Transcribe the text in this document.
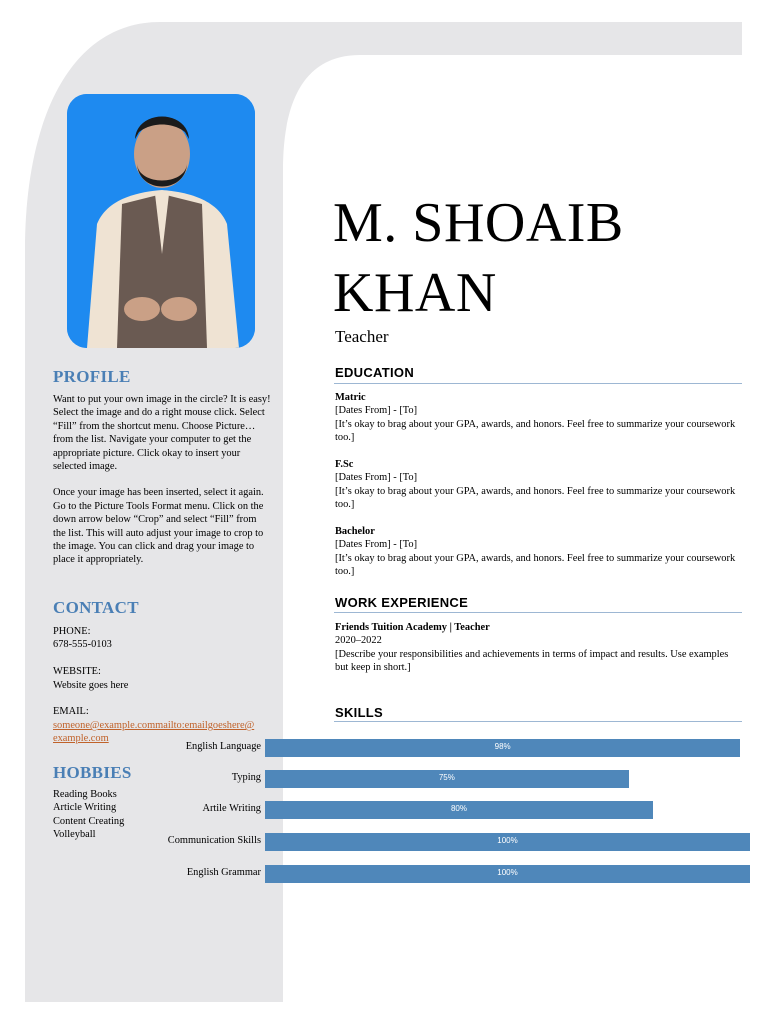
PROFILE

Want to put your own image in the circle? It is easy! Select the image and do a right mouse click. Select “Fill” from the shortcut menu. Choose Picture… from the list. Navigate your computer to get the appropriate picture. Click okay to insert your selected image.

Once your image has been inserted, select it again. Go to the Picture Tools Format menu. Click on the down arrow below “Crop” and select “Fill” from the list. This will auto adjust your image to crop to the image. You can click and drag your image to place it appropriately.

CONTACT
PHONE:
678-555-0103
WEBSITE:
Website goes here
EMAIL:
someone@example.commailto:emailgoeshere@
example.com
HOBBIES
Reading Books
Article Writing
Content Creating
Volleyball
M. SHOAIB
KHAN
Teacher
EDUCATION
Matric
[Dates From] - [To]
[It’s okay to brag about your GPA, awards, and honors. Feel free to summarize your coursework too.]
F.Sc
[Dates From] - [To]
[It’s okay to brag about your GPA, awards, and honors. Feel free to summarize your coursework too.]
Bachelor
[Dates From] - [To]
[It’s okay to brag about your GPA, awards, and honors. Feel free to summarize your coursework too.]
WORK EXPERIENCE
Friends Tuition Academy | Teacher
2020–2022
[Describe your responsibilities and achievements in terms of impact and results. Use examples but keep in short.]
SKILLS
English Language	98%
Typing	75%
Artile Writing	80%
Communication Skills	100%
English Grammar	100%
